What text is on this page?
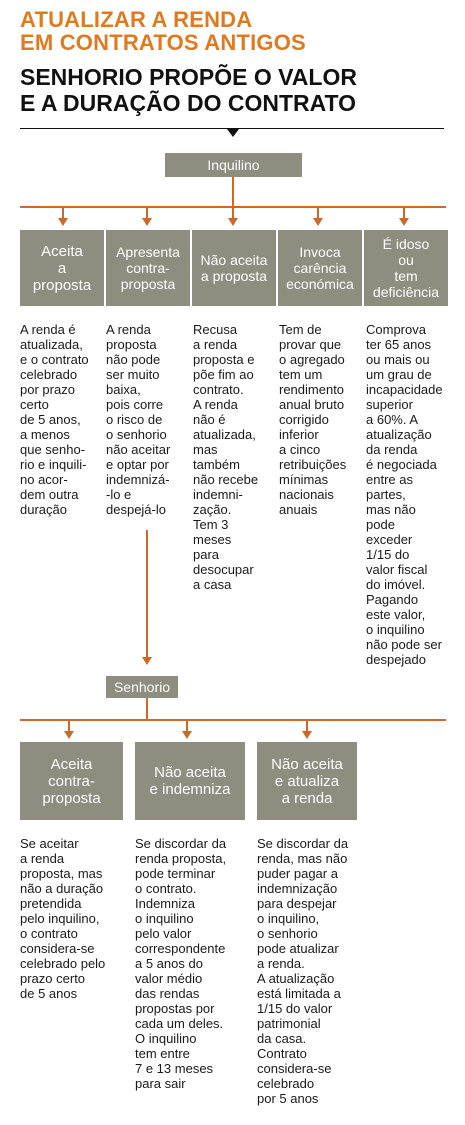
ATUALIZAR A RENDA
EM CONTRATOS ANTIGOS
SENHORIO PROPÕE O VALOR
E A DURAÇÃO DO CONTRATO
Inquilino
Aceita
a
proposta
Apresenta
contra-
proposta
Não aceita
a proposta
Invoca
carência
económica
É idoso
ou
tem
deficiência
A renda é
atualizada,
e o contrato
celebrado
por prazo
certo
de 5 anos,
a menos
que senho-
rio e inquili-
no acor-
dem outra
duração
A renda
proposta
não pode
ser muito
baixa,
pois corre
o risco de
o senhorio
não aceitar
e optar por
indemnizá-
-lo e
despejá-lo
Recusa
a renda
proposta e
põe fim ao
contrato.
A renda
não é
atualizada,
mas
também
não recebe
indemni-
zação.
Tem 3
meses
para
desocupar
a casa
Tem de
provar que
o agregado
tem um
rendimento
anual bruto
corrigido
inferior
a cinco
retribuições
mínimas
nacionais
anuais
Comprova
ter 65 anos
ou mais ou
um grau de
incapacidade
superior
a 60%. A
atualização
da renda
é negociada
entre as
partes,
mas não
pode
exceder
1/15 do
valor fiscal
do imóvel.
Pagando
este valor,
o inquilino
não pode ser
despejado
Senhorio
Aceita
contra-
proposta
Não aceita
e indemniza
Não aceita
e atualiza
a renda
Se aceitar
a renda
proposta, mas
não a duração
pretendida
pelo inquilino,
o contrato
considera-se
celebrado pelo
prazo certo
de 5 anos
Se discordar da
renda proposta,
pode terminar
o contrato.
Indemniza
o inquilino
pelo valor
correspondente
a 5 anos do
valor médio
das rendas
propostas por
cada um deles.
O inquilino
tem entre
7 e 13 meses
para sair
Se discordar da
renda, mas não
puder pagar a
indemnização
para despejar
o inquilino,
o senhorio
pode atualizar
a renda.
A atualização
está limitada a
1/15 do valor
patrimonial
da casa.
Contrato
considera-se
celebrado
por 5 anos
